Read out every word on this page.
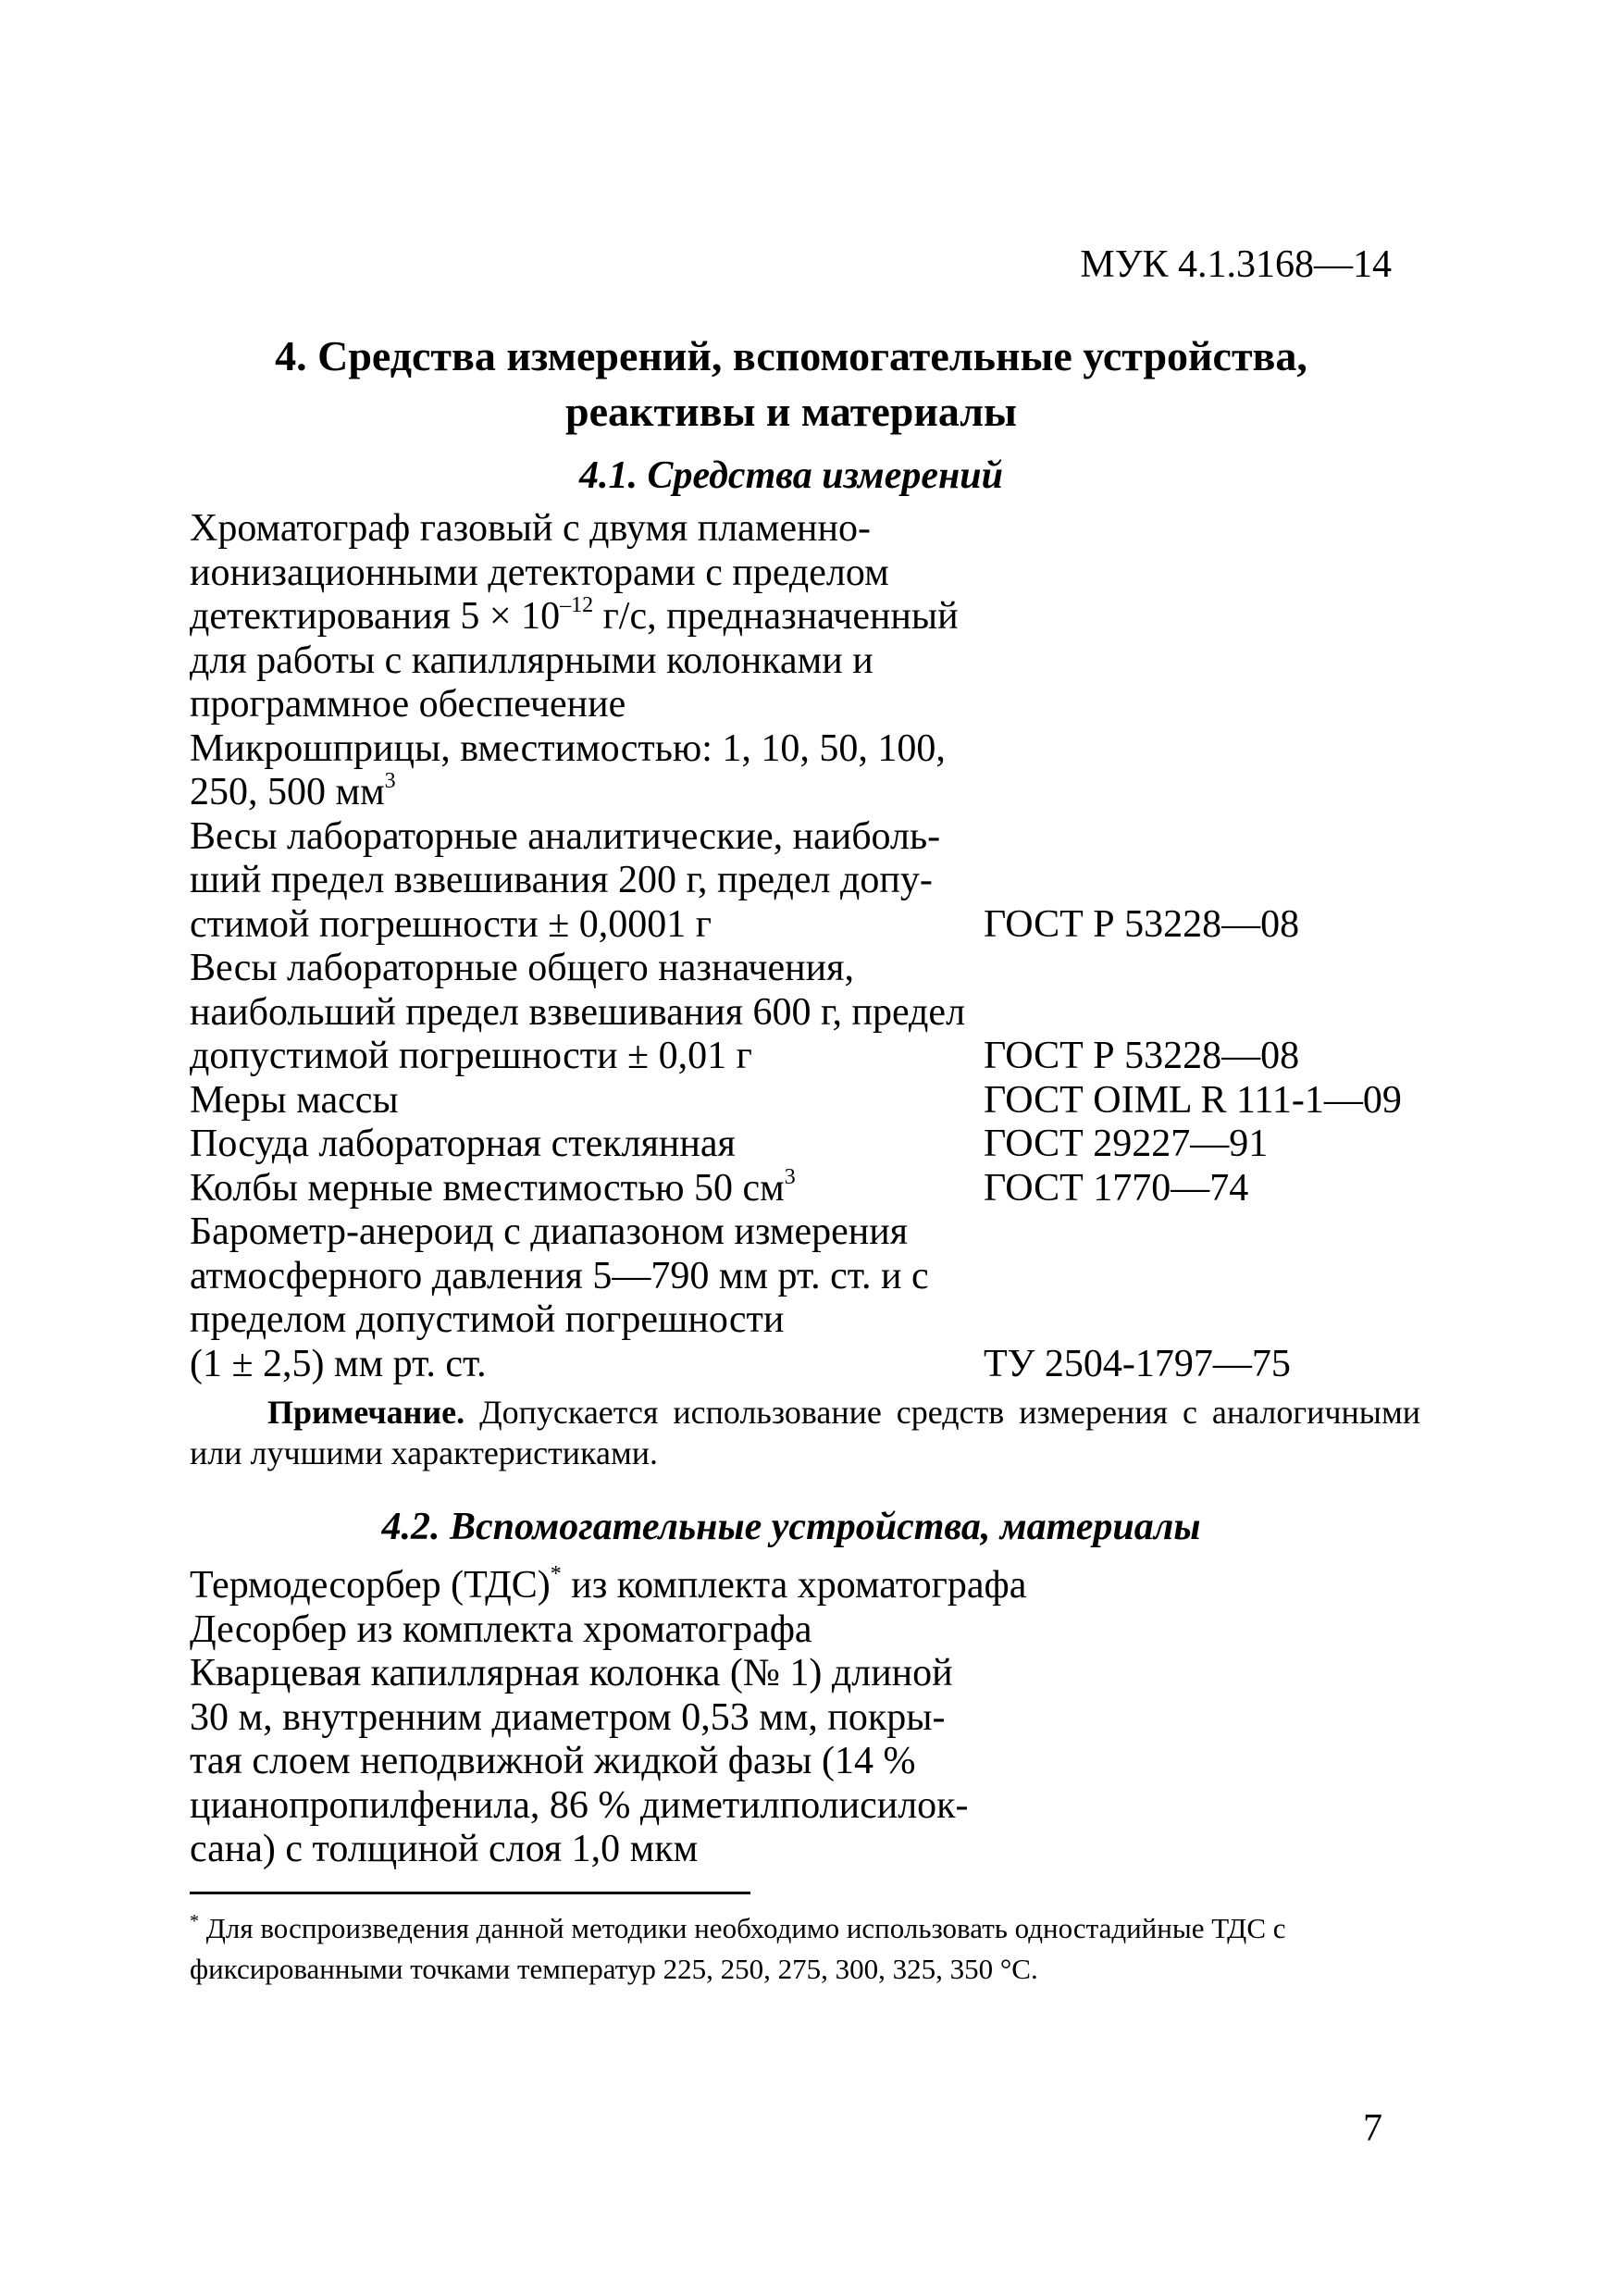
МУК 4.1.3168—14
4. Средства измерений, вспомогательные устройства,
реактивы и материалы
4.1. Средства измерений
Хроматограф газовый с двумя пламенно-
ионизационными детекторами с пределом
детектирования $5 \times 10^{-12}$ г/с, предназначенный
для работы с капиллярными колонками и
программное обеспечение
Микрошприцы, вместимостью: 1, 10, 50, 100,
250, 500 $мм^3$
Весы лабораторные аналитические, наиболь-
ший предел взвешивания 200 г, предел допу-
стимой погрешности ± 0,0001 г	ГОСТ Р 53228—08
Весы лабораторные общего назначения,
наибольший предел взвешивания 600 г, предел
допустимой погрешности ± 0,01 г	ГОСТ Р 53228—08
Меры массы	ГОСТ OIML R 111-1—09
Посуда лабораторная стеклянная	ГОСТ 29227—91
Колбы мерные вместимостью 50 $см^3$	ГОСТ 1770—74
Барометр-анероид с диапазоном измерения
атмосферного давления 5—790 мм рт. ст. и с
пределом допустимой погрешности
(1 ± 2,5) мм рт. ст.	ТУ 2504-1797—75

Примечание. Допускается использование средств измерения с аналогичными или лучшими характеристиками.

4.2. Вспомогательные устройства, материалы
Термодесорбер (ТДС)* из комплекта хроматографа
Десорбер из комплекта хроматографа
Кварцевая капиллярная колонка (№ 1) длиной
30 м, внутренним диаметром 0,53 мм, покры-
тая слоем неподвижной жидкой фазы (14 %
цианопропилфенила, 86 % диметилполисилок-
сана) с толщиной слоя 1,0 мкм

* Для воспроизведения данной методики необходимо использовать одностадийные ТДС с фиксированными точками температур 225, 250, 275, 300, 325, 350 °С.

7
